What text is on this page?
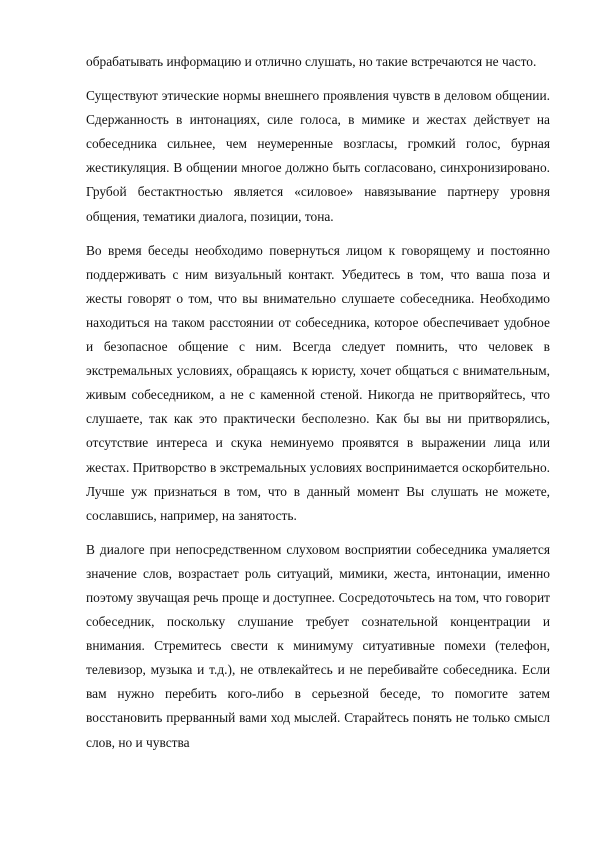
обрабатывать информацию и отлично слушать, но такие встречаются не часто.

Существуют этические нормы внешнего проявления чувств в деловом общении. Сдержанность в интонациях, силе голоса, в мимике и жестах действует на собеседника сильнее, чем неумеренные возгласы, громкий голос, бурная жестикуляция. В общении многое должно быть согласовано, синхронизировано. Грубой бестактностью является «силовое» навязывание партнеру уровня общения, тематики диалога, позиции, тона.

Во время беседы необходимо повернуться лицом к говорящему и постоянно поддерживать с ним визуальный контакт. Убедитесь в том, что ваша поза и жесты говорят о том, что вы внимательно слушаете собеседника. Необходимо находиться на таком расстоянии от собеседника, которое обеспечивает удобное и безопасное общение с ним. Всегда следует помнить, что человек в экстремальных условиях, обращаясь к юристу, хочет общаться с внимательным, живым собеседником, а не с каменной стеной. Никогда не притворяйтесь, что слушаете, так как это практически бесполезно. Как бы вы ни притворялись, отсутствие интереса и скука неминуемо проявятся в выражении лица или жестах. Притворство в экстремальных условиях воспринимается оскорбительно. Лучше уж признаться в том, что в данный момент Вы слушать не можете, сославшись, например, на занятость.

В диалоге при непосредственном слуховом восприятии собеседника умаляется значение слов, возрастает роль ситуаций, мимики, жеста, интонации, именно поэтому звучащая речь проще и доступнее. Сосредоточьтесь на том, что говорит собеседник, поскольку слушание требует сознательной концентрации и внимания. Стремитесь свести к минимуму ситуативные помехи (телефон, телевизор, музыка и т.д.), не отвлекайтесь и не перебивайте собеседника. Если вам нужно перебить кого-либо в серьезной беседе, то помогите затем восстановить прерванный вами ход мыслей. Старайтесь понять не только смысл слов, но и чувства
